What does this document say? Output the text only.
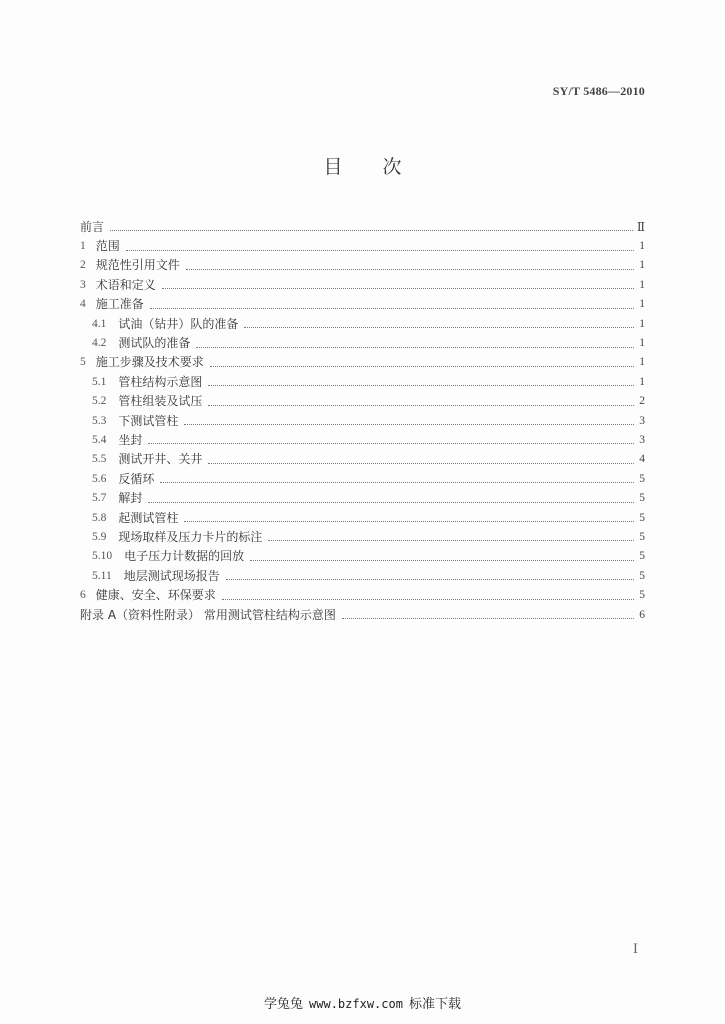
SY/T 5486—2010
目 次
前言	Ⅱ
1 范围	1
2 规范性引用文件	1
3 术语和定义	1
4 施工准备	1
4.1 试油（钻井）队的准备	1
4.2 测试队的准备	1
5 施工步骤及技术要求	1
5.1 管柱结构示意图	1
5.2 管柱组装及试压	2
5.3 下测试管柱	3
5.4 坐封	3
5.5 测试开井、关井	4
5.6 反循环	5
5.7 解封	5
5.8 起测试管柱	5
5.9 现场取样及压力卡片的标注	5
5.10 电子压力计数据的回放	5
5.11 地层测试现场报告	5
6 健康、安全、环保要求	5
附录 A（资料性附录） 常用测试管柱结构示意图	6
Ⅰ
学兔兔 www.bzfxw.com 标准下载
